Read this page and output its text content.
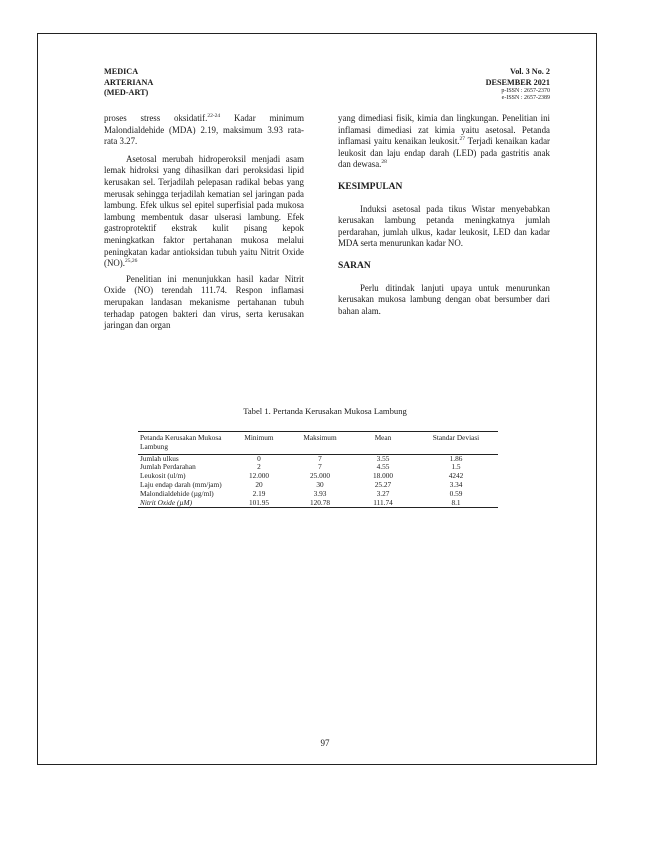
MEDICA
ARTERIANA
(MED-ART)
Vol. 3 No. 2
DESEMBER 2021
p-ISSN : 2657-2370
e-ISSN : 2657-2389

proses stress oksidatif.$^{22-24}$ Kadar minimum Malondialdehide (MDA) 2.19, maksimum 3.93 rata-rata 3.27.

Asetosal merubah hidroperoksil menjadi asam lemak hidroksi yang dihasilkan dari peroksidasi lipid kerusakan sel. Terjadilah pelepasan radikal bebas yang merusak sehingga terjadilah kematian sel jaringan pada lambung. Efek ulkus sel epitel superfisial pada mukosa lambung membentuk dasar ulserasi lambung. Efek gastroprotektif ekstrak kulit pisang kepok meningkatkan faktor pertahanan mukosa melalui peningkatan kadar antioksidan tubuh yaitu Nitrit Oxide (NO).$^{25,26}$

Penelitian ini menunjukkan hasil kadar Nitrit Oxide (NO) terendah 111.74. Respon inflamasi merupakan landasan mekanisme pertahanan tubuh terhadap patogen bakteri dan virus, serta kerusakan jaringan dan organ

yang dimediasi fisik, kimia dan lingkungan. Penelitian ini inflamasi dimediasi zat kimia yaitu asetosal. Petanda inflamasi yaitu kenaikan leukosit.$^{27}$ Terjadi kenaikan kadar leukosit dan laju endap darah (LED) pada gastritis anak dan dewasa.$^{28}$

KESIMPULAN

Induksi asetosal pada tikus Wistar menyebabkan kerusakan lambung petanda meningkatnya jumlah perdarahan, jumlah ulkus, kadar leukosit, LED dan kadar MDA serta menurunkan kadar NO.

SARAN

Perlu ditindak lanjuti upaya untuk menurunkan kerusakan mukosa lambung dengan obat bersumber dari bahan alam.

Tabel 1. Pertanda Kerusakan Mukosa Lambung
Petanda Kerusakan Mukosa Lambung	Minimum	Maksimum	Mean	Standar Deviasi
Jumlah ulkus	0	7	3.55	1.86
Jumlah Perdarahan	2	7	4.55	1.5
Leukosit (ul/m)	12.000	25.000	18.000	4242
Laju endap darah (mm/jam)	20	30	25.27	3.34
Malondialdehide (µg/ml)	2.19	3.93	3.27	0.59
Nitrit Oxide (µM)	101.95	120.78	111.74	8.1
97
